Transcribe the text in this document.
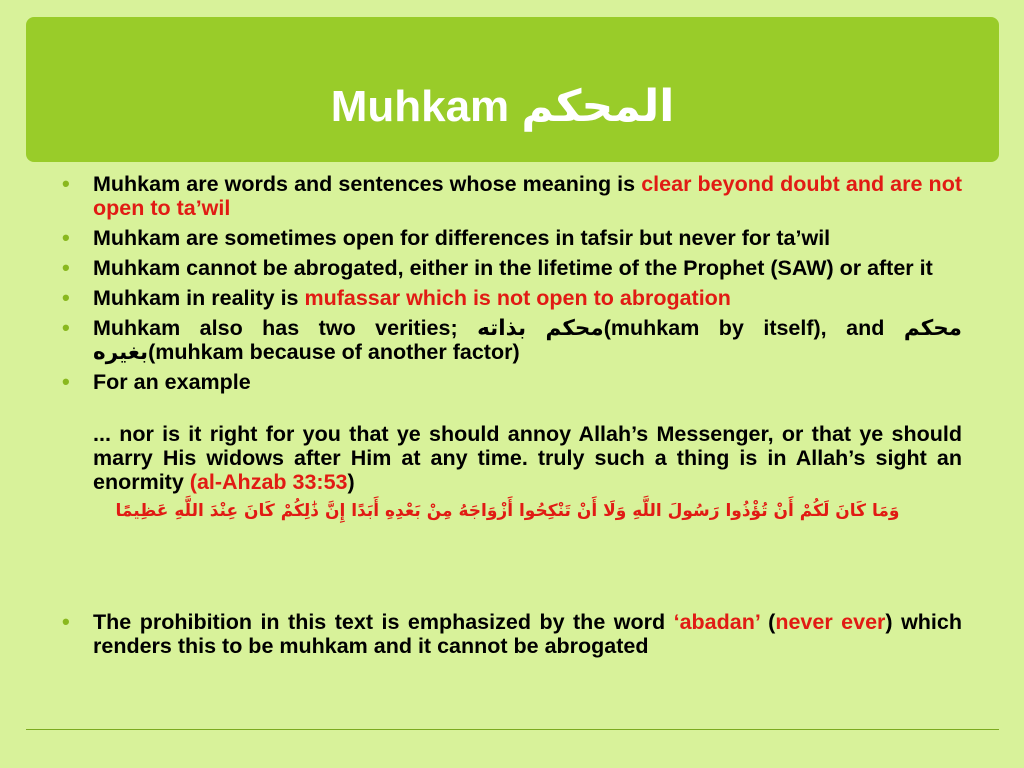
Muhkam المحكم

• Muhkam are words and sentences whose meaning is clear beyond doubt and are not open to ta’wil

• Muhkam are sometimes open for differences in tafsir but never for ta’wil

• Muhkam cannot be abrogated, either in the lifetime of the Prophet (SAW) or after it

• Muhkam in reality is mufassar which is not open to abrogation

• Muhkam also has two verities; محكم بذاته(muhkam by itself), and محكم بغيره(muhkam because of another factor)

• For an example

... nor is it right for you that ye should annoy Allah’s Messenger, or that ye should marry His widows after Him at any time. truly such a thing is in Allah’s sight an enormity (al-Ahzab 33:53)

وَمَا كَانَ لَكُمْ أَنْ تُؤْذُوا رَسُولَ اللَّهِ وَلَا أَنْ تَنْكِحُوا أَزْوَاجَهُ مِنْ بَعْدِهِ أَبَدًا إِنَّ ذَٰلِكُمْ كَانَ عِنْدَ اللَّهِ عَظِيمًا

• The prohibition in this text is emphasized by the word ‘abadan’ (never ever) which renders this to be muhkam and it cannot be abrogated
